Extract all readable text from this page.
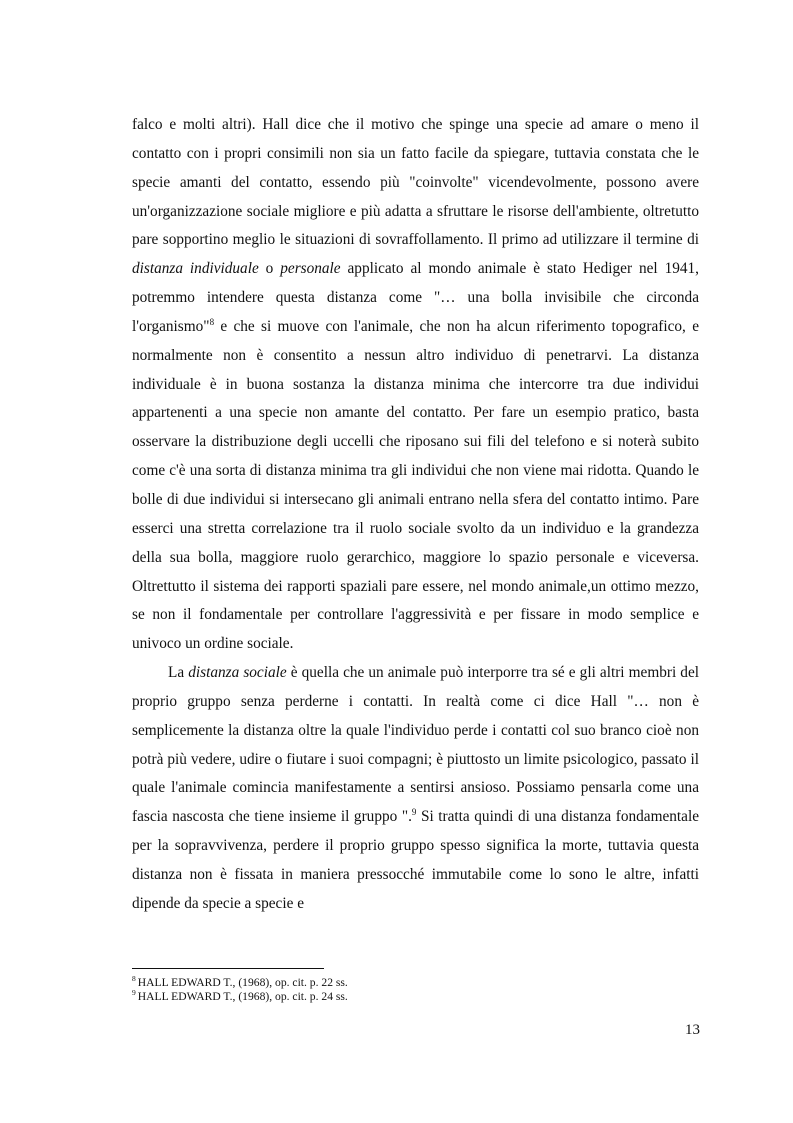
falco e molti altri). Hall dice che il motivo che spinge una specie ad amare o meno il contatto con i propri consimili non sia un fatto facile da spiegare, tuttavia constata che le specie amanti del contatto, essendo più "coinvolte" vicendevolmente, possono avere un'organizzazione sociale migliore e più adatta a sfruttare le risorse dell'ambiente, oltretutto pare sopportino meglio le situazioni di sovraffollamento. Il primo ad utilizzare il termine di distanza individuale o personale applicato al mondo animale è stato Hediger nel 1941, potremmo intendere questa distanza come "… una bolla invisibile che circonda l'organismo"$^8$ e che si muove con l'animale, che non ha alcun riferimento topografico, e normalmente non è consentito a nessun altro individuo di penetrarvi. La distanza individuale è in buona sostanza la distanza minima che intercorre tra due individui appartenenti a una specie non amante del contatto. Per fare un esempio pratico, basta osservare la distribuzione degli uccelli che riposano sui fili del telefono e si noterà subito come c'è una sorta di distanza minima tra gli individui che non viene mai ridotta. Quando le bolle di due individui si intersecano gli animali entrano nella sfera del contatto intimo. Pare esserci una stretta correlazione tra il ruolo sociale svolto da un individuo e la grandezza della sua bolla, maggiore ruolo gerarchico, maggiore lo spazio personale e viceversa. Oltrettutto il sistema dei rapporti spaziali pare essere, nel mondo animale,un ottimo mezzo, se non il fondamentale per controllare l'aggressività e per fissare in modo semplice e univoco un ordine sociale.

La distanza sociale è quella che un animale può interporre tra sé e gli altri membri del proprio gruppo senza perderne i contatti. In realtà come ci dice Hall "… non è semplicemente la distanza oltre la quale l'individuo perde i contatti col suo branco cioè non potrà più vedere, udire o fiutare i suoi compagni; è piuttosto un limite psicologico, passato il quale l'animale comincia manifestamente a sentirsi ansioso. Possiamo pensarla come una fascia nascosta che tiene insieme il gruppo ".$^9$ Si tratta quindi di una distanza fondamentale per la sopravvivenza, perdere il proprio gruppo spesso significa la morte, tuttavia questa distanza non è fissata in maniera pressocché immutabile come lo sono le altre, infatti dipende da specie a specie e

$^8$ HALL EDWARD T., (1968), op. cit. p. 22 ss.

$^9$ HALL EDWARD T., (1968), op. cit. p. 24 ss.

13
